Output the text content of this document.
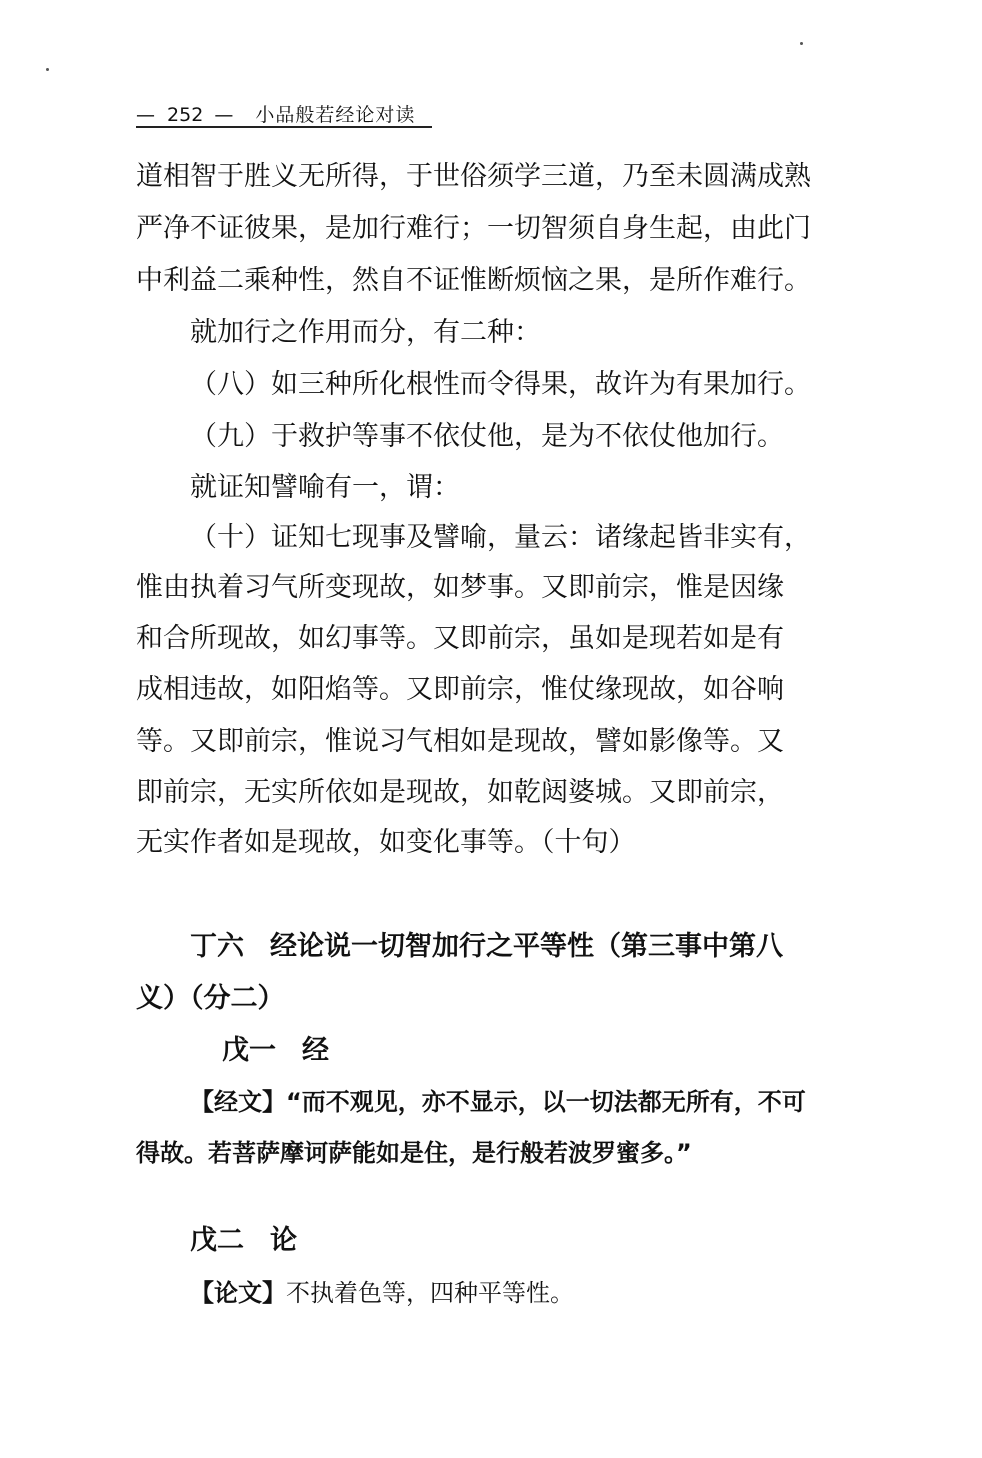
— 252 — 小品般若经论对读
道相智于胜义无所得，于世俗须学三道，乃至未圆满成熟
严净不证彼果，是加行难行；一切智须自身生起，由此门
中利益二乘种性，然自不证惟断烦恼之果，是所作难行。
就加行之作用而分，有二种：
（八）如三种所化根性而令得果，故许为有果加行。
（九）于救护等事不依仗他，是为不依仗他加行。
就证知譬喻有一，谓：
（十）证知七现事及譬喻，量云：诸缘起皆非实有，
惟由执着习气所变现故，如梦事。又即前宗，惟是因缘
和合所现故，如幻事等。又即前宗，虽如是现若如是有
成相违故，如阳焰等。又即前宗，惟仗缘现故，如谷响
等。又即前宗，惟说习气相如是现故，譬如影像等。又
即前宗，无实所依如是现故，如乾闼婆城。又即前宗，
无实作者如是现故，如变化事等。（十句）
丁六 经论说一切智加行之平等性（第三事中第八
义）（分二）
戊一 经
【经文】“而不观见，亦不显示，以一切法都无所有，不可
得故。若菩萨摩诃萨能如是住，是行般若波罗蜜多。”
戊二 论
【论文】不执着色等，四种平等性。
